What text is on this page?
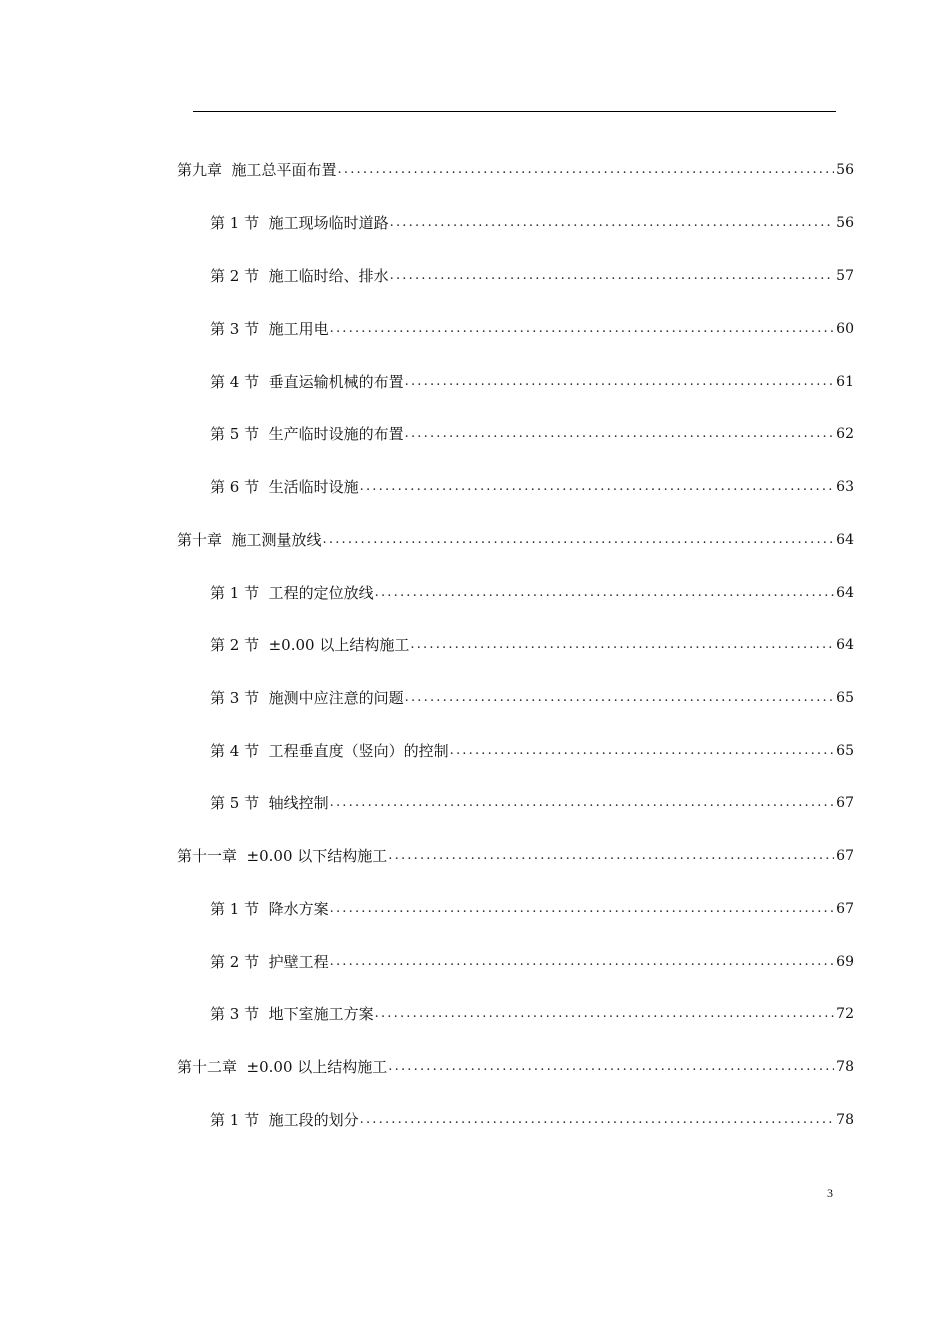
第九章  施工总平面布置 .....	56
第 1 节  施工现场临时道路 .....	56
第 2 节  施工临时给、排水 .....	57
第 3 节  施工用电 .....	60
第 4 节  垂直运输机械的布置 .....	61
第 5 节  生产临时设施的布置 .....	62
第 6 节  生活临时设施 .....	63
第十章  施工测量放线 .....	64
第 1 节  工程的定位放线 .....	64
第 2 节  ±0.00 以上结构施工 .....	64
第 3 节  施测中应注意的问题 .....	65
第 4 节  工程垂直度（竖向）的控制 .....	65
第 5 节  轴线控制 .....	67
第十一章  ±0.00 以下结构施工 .....	67
第 1 节  降水方案 .....	67
第 2 节  护壁工程 .....	69
第 3 节  地下室施工方案 .....	72
第十二章  ±0.00 以上结构施工 .....	78
第 1 节  施工段的划分 .....	78
3
